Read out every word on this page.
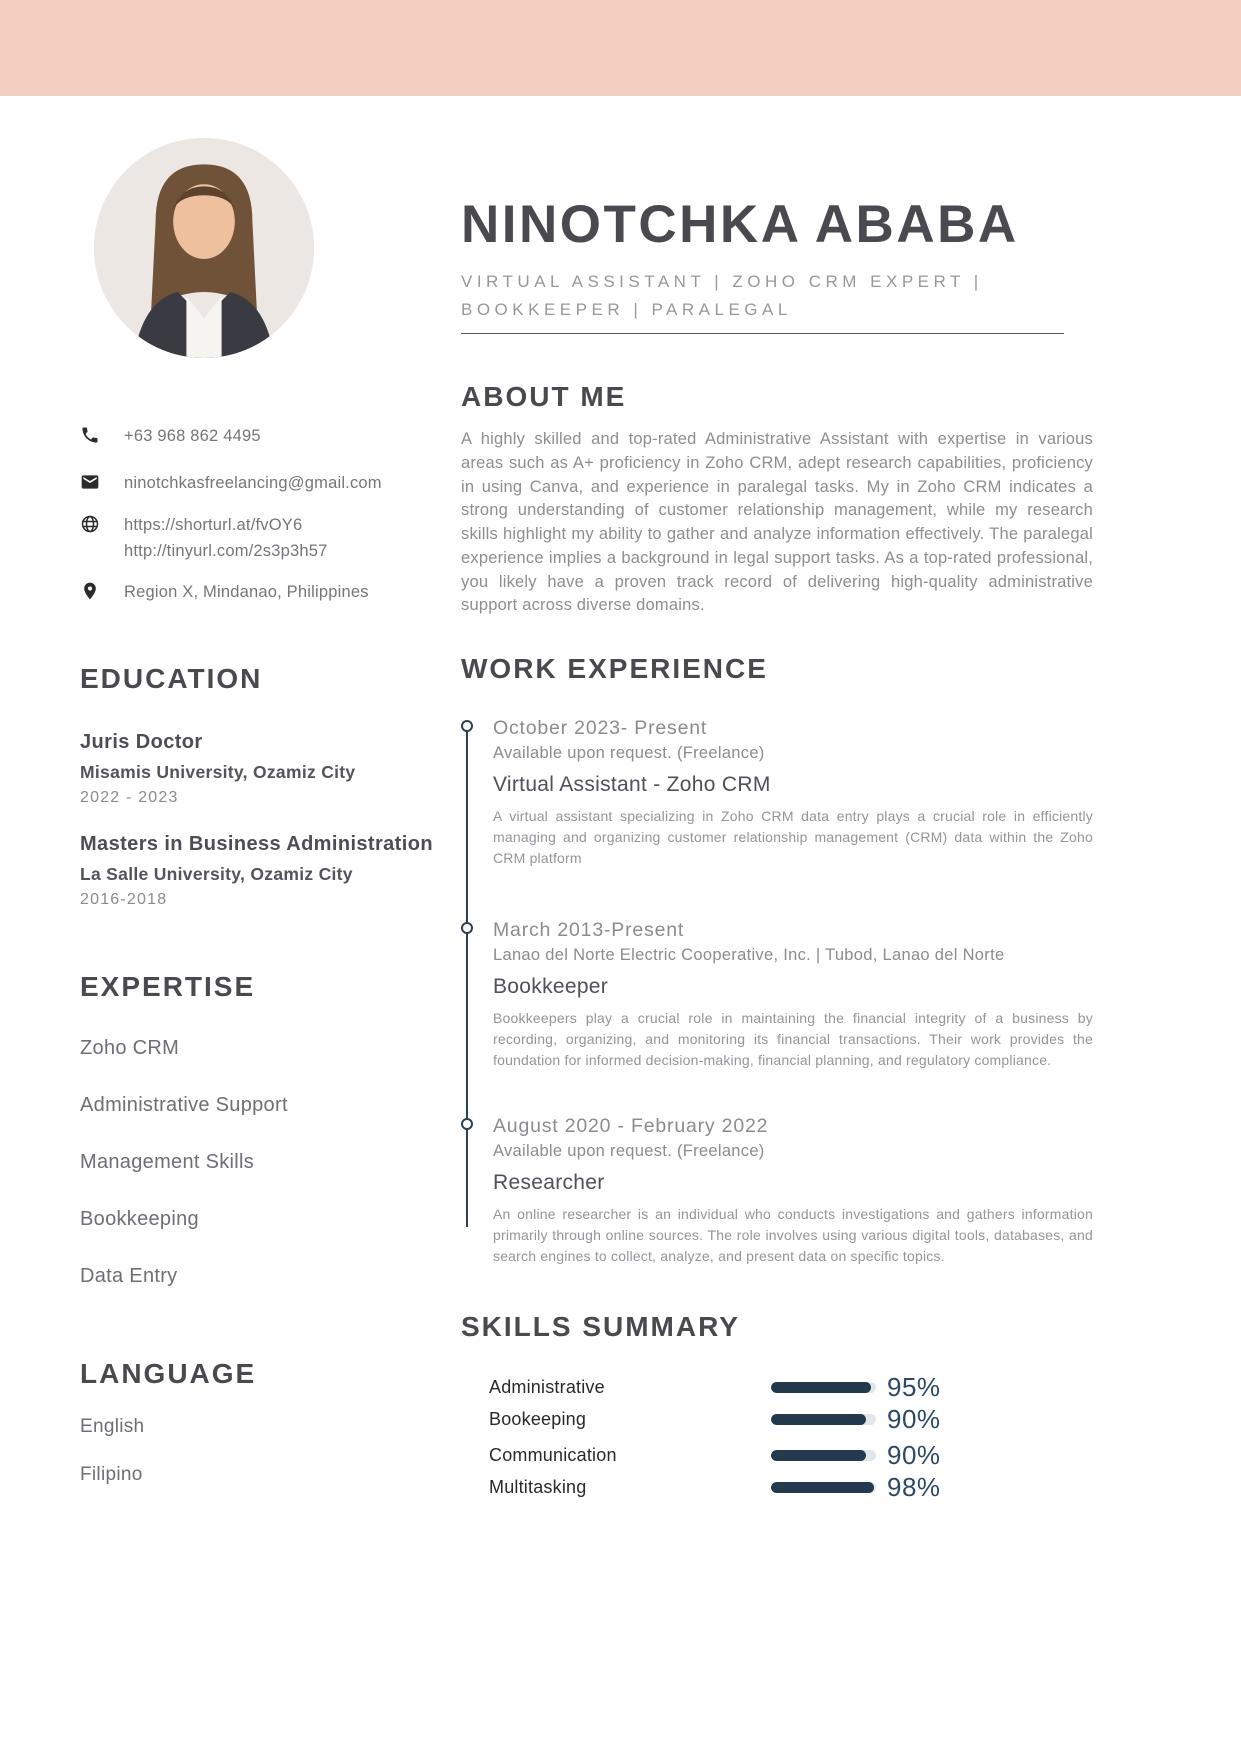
+63 968 862 4495
ninotchkasfreelancing@gmail.com
https://shorturl.at/fvOY6
http://tinyurl.com/2s3p3h57
Region X, Mindanao, Philippines
EDUCATION
Juris Doctor
Misamis University, Ozamiz City
2022 - 2023
Masters in Business Administration
La Salle University, Ozamiz City
2016-2018
EXPERTISE
Zoho CRM
Administrative Support
Management Skills
Bookkeeping
Data Entry
LANGUAGE
English
Filipino
NINOTCHKA ABABA
VIRTUAL ASSISTANT | ZOHO CRM EXPERT |
BOOKKEEPER | PARALEGAL
ABOUT ME

A highly skilled and top-rated Administrative Assistant with expertise in various areas such as A+ proficiency in Zoho CRM, adept research capabilities, proficiency in using Canva, and experience in paralegal tasks. My in Zoho CRM indicates a strong understanding of customer relationship management, while my research skills highlight my ability to gather and analyze information effectively. The paralegal experience implies a background in legal support tasks. As a top-rated professional, you likely have a proven track record of delivering high-quality administrative support across diverse domains.

WORK EXPERIENCE
October 2023- Present
Available upon request. (Freelance)
Virtual Assistant - Zoho CRM
A virtual assistant specializing in Zoho CRM data entry plays a crucial role in efficiently managing and organizing customer relationship management (CRM) data within the Zoho CRM platform
March 2013-Present
Lanao del Norte Electric Cooperative, Inc. | Tubod, Lanao del Norte
Bookkeeper
Bookkeepers play a crucial role in maintaining the financial integrity of a business by recording, organizing, and monitoring its financial transactions. Their work provides the foundation for informed decision-making, financial planning, and regulatory compliance.
August 2020 - February 2022
Available upon request. (Freelance)
Researcher
An online researcher is an individual who conducts investigations and gathers information primarily through online sources. The role involves using various digital tools, databases, and search engines to collect, analyze, and present data on specific topics.
SKILLS SUMMARY
Administrative	95%
Bookeeping	90%
Communication	90%
Multitasking	98%
